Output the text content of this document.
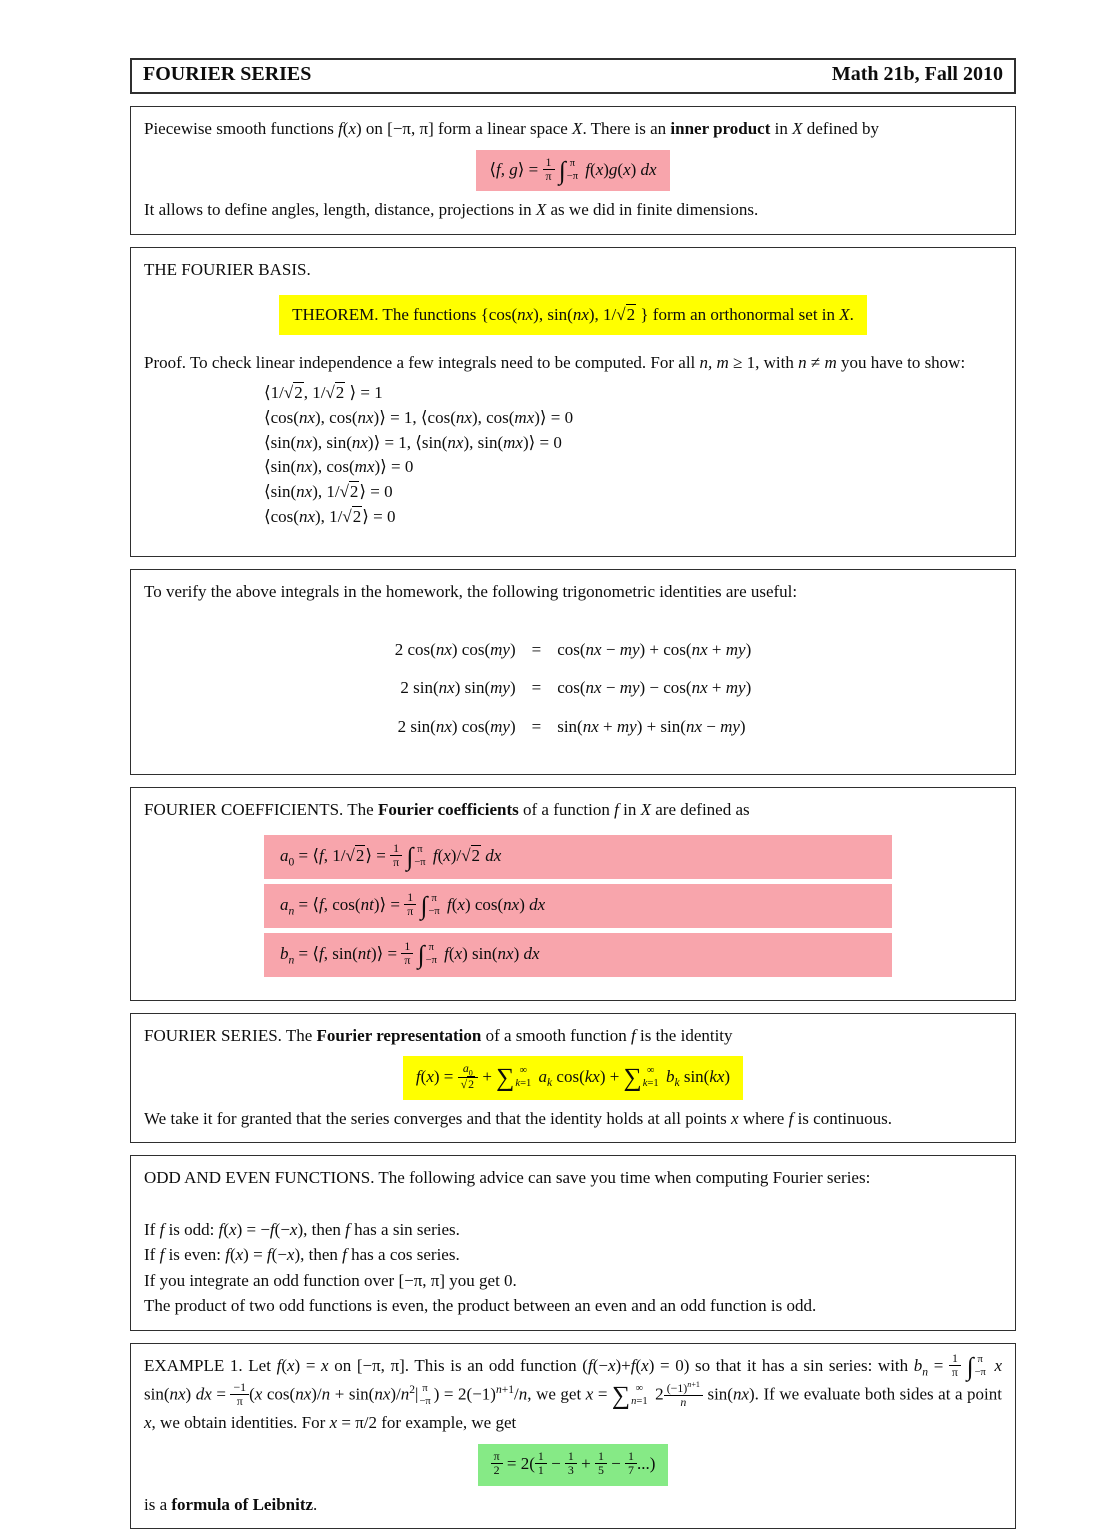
FOURIER SERIES	Math 21b, Fall 2010

Piecewise smooth functions f(x) on [−π, π] form a linear space X. There is an inner product in X defined by

⟨f, g⟩ = $\frac{1}{\pi}$ ∫ π
−π f(x)g(x) dx

It allows to define angles, length, distance, projections in X as we did in finite dimensions.

THE FOURIER BASIS.

THEOREM. The functions {cos(nx), sin(nx), 1/√2 } form an orthonormal set in X.

Proof. To check linear independence a few integrals need to be computed. For all n, m ≥ 1, with n ≠ m you have to show:

⟨1/√2, 1/√2 ⟩ = 1
⟨cos(nx), cos(nx)⟩ = 1, ⟨cos(nx), cos(mx)⟩ = 0
⟨sin(nx), sin(nx)⟩ = 1, ⟨sin(nx), sin(mx)⟩ = 0
⟨sin(nx), cos(mx)⟩ = 0
⟨sin(nx), 1/√2⟩ = 0
⟨cos(nx), 1/√2⟩ = 0

To verify the above integrals in the homework, the following trigonometric identities are useful:

2 cos(nx) cos(my) = cos(nx − my) + cos(nx + my)
2 sin(nx) sin(my) = cos(nx − my) − cos(nx + my)
2 sin(nx) cos(my) = sin(nx + my) + sin(nx − my)

FOURIER COEFFICIENTS. The Fourier coefficients of a function f in X are defined as

$a_0$ = ⟨f, 1/√2⟩ = $\frac{1}{\pi}$ ∫ π
−π f(x)/√2 dx
$a_n$ = ⟨f, cos(nt)⟩ = $\frac{1}{\pi}$ ∫ π
−π f(x) cos(nx) dx
$b_n$ = ⟨f, sin(nt)⟩ = $\frac{1}{\pi}$ ∫ π
−π f(x) sin(nx) dx

FOURIER SERIES. The Fourier representation of a smooth function f is the identity

$f(x) = \frac{a_0}{√2}$ + ∑ ∞
k=1 $a_k$ cos(kx) + ∑ ∞
k=1 $b_k$ sin(kx)

We take it for granted that the series converges and that the identity holds at all points x where f is continuous.

ODD AND EVEN FUNCTIONS. The following advice can save you time when computing Fourier series:

If f is odd: f(x) = −f(−x), then f has a sin series.

If f is even: f(x) = f(−x), then f has a cos series.

If you integrate an odd function over [−π, π] you get 0.

The product of two odd functions is even, the product between an even and an odd function is odd.

EXAMPLE 1. Let f(x) = x on [−π, π]. This is an odd function (f(−x)+f(x) = 0) so that it has a sin series: with $b_n = \frac{1}{\pi}$ ∫ π
−π x sin(nx) dx = $\frac{-1}{\pi} (x$ $\cos(nx)/n + \sin(nx)/n^2|$ π
−π ) = $2(-1)^{n+1}/n$, we get x = ∑ ∞
n=1 $2 \frac{(-1)^{n+1}}{n} \sin(nx)$. If we evaluate both sides at a point x, we obtain identities. For x = π/2 for example, we get

$\frac{\pi}{2} = 2( \frac{1}{1} - \frac{1}{3} + \frac{1}{5} - \frac{1}{7}$ ...)

is a formula of Leibnitz.
